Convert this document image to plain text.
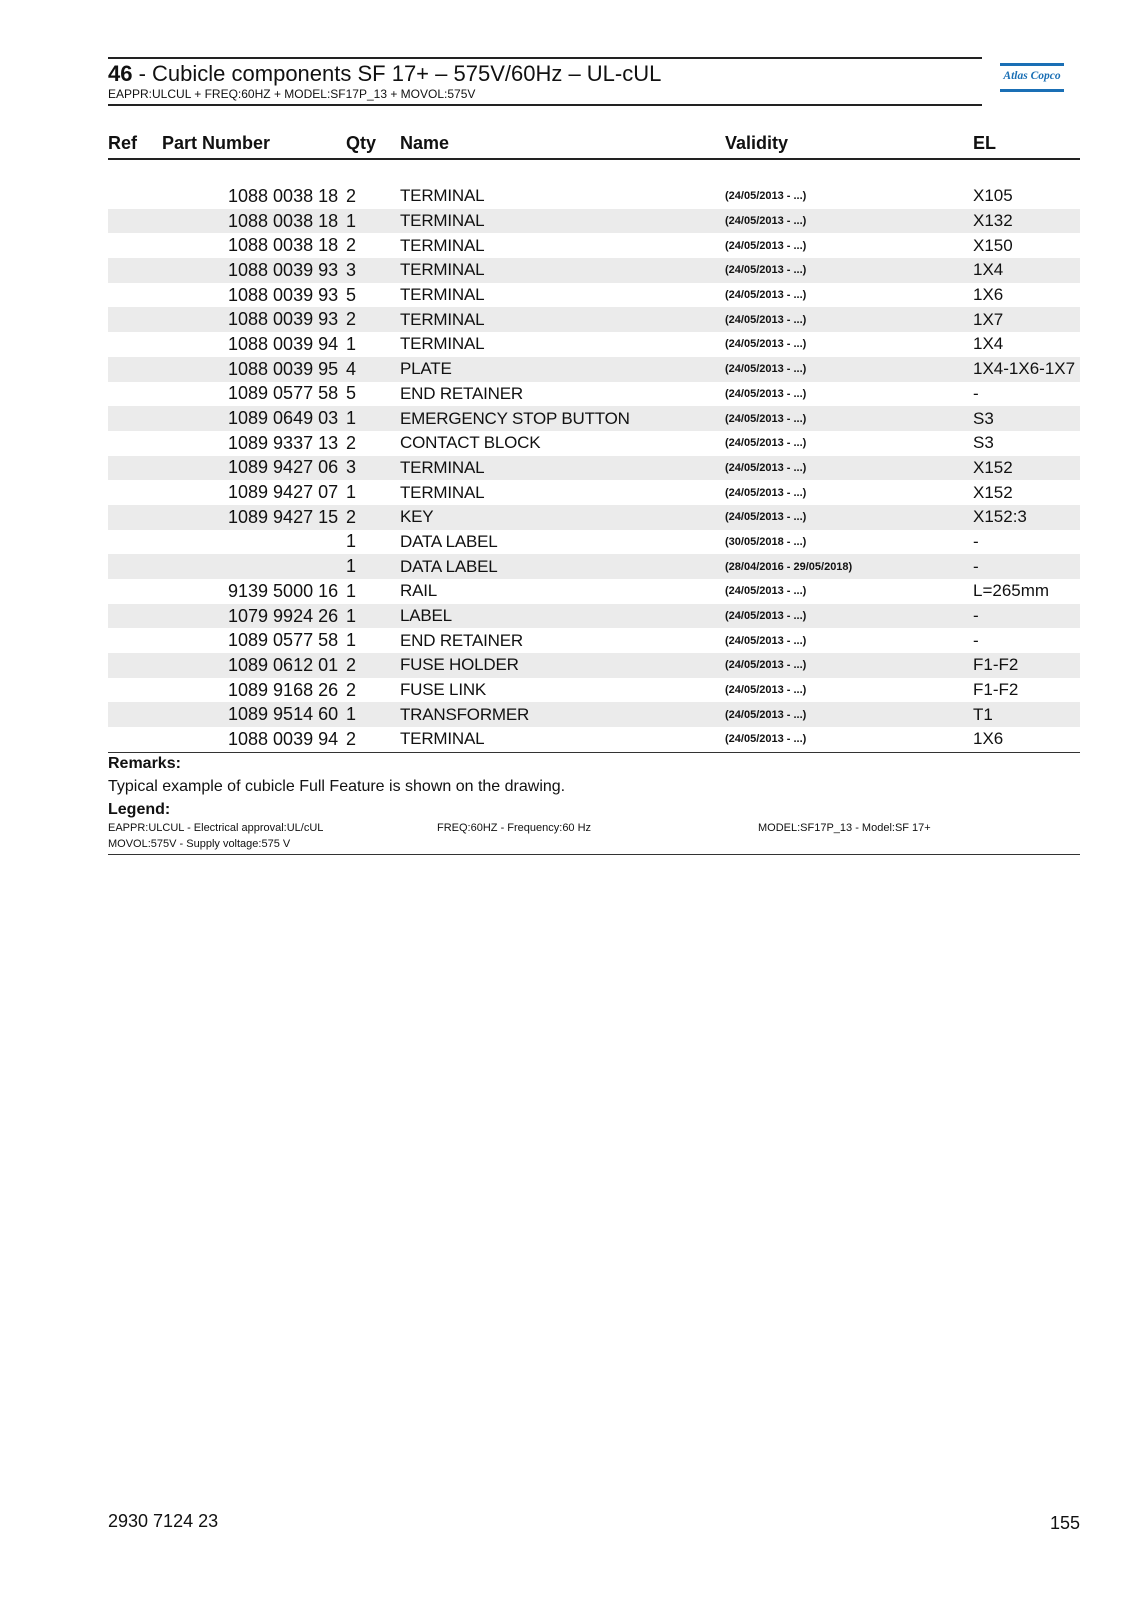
46 - Cubicle components SF 17+ – 575V/60Hz – UL-cUL
EAPPR:ULCUL + FREQ:60HZ + MODEL:SF17P_13 + MOVOL:575V
Atlas Copco
Ref	Part Number	Qty	Name	Validity	EL

	1088 0038 18	2	TERMINAL	(24/05/2013 - ...)	X105
	1088 0038 18	1	TERMINAL	(24/05/2013 - ...)	X132
	1088 0038 18	2	TERMINAL	(24/05/2013 - ...)	X150
	1088 0039 93	3	TERMINAL	(24/05/2013 - ...)	1X4
	1088 0039 93	5	TERMINAL	(24/05/2013 - ...)	1X6
	1088 0039 93	2	TERMINAL	(24/05/2013 - ...)	1X7
	1088 0039 94	1	TERMINAL	(24/05/2013 - ...)	1X4
	1088 0039 95	4	PLATE	(24/05/2013 - ...)	1X4-1X6-1X7
	1089 0577 58	5	END RETAINER	(24/05/2013 - ...)	-
	1089 0649 03	1	EMERGENCY STOP BUTTON	(24/05/2013 - ...)	S3
	1089 9337 13	2	CONTACT BLOCK	(24/05/2013 - ...)	S3
	1089 9427 06	3	TERMINAL	(24/05/2013 - ...)	X152
	1089 9427 07	1	TERMINAL	(24/05/2013 - ...)	X152
	1089 9427 15	2	KEY	(24/05/2013 - ...)	X152:3
		1	DATA LABEL	(30/05/2018 - ...)	-
		1	DATA LABEL	(28/04/2016 - 29/05/2018)	-
	9139 5000 16	1	RAIL	(24/05/2013 - ...)	L=265mm
	1079 9924 26	1	LABEL	(24/05/2013 - ...)	-
	1089 0577 58	1	END RETAINER	(24/05/2013 - ...)	-
	1089 0612 01	2	FUSE HOLDER	(24/05/2013 - ...)	F1-F2
	1089 9168 26	2	FUSE LINK	(24/05/2013 - ...)	F1-F2
	1089 9514 60	1	TRANSFORMER	(24/05/2013 - ...)	T1
	1088 0039 94	2	TERMINAL	(24/05/2013 - ...)	1X6
Remarks:
Typical example of cubicle Full Feature is shown on the drawing.
Legend:
EAPPR:ULCUL - Electrical approval:UL/cUL	FREQ:60HZ - Frequency:60 Hz	MODEL:SF17P_13 - Model:SF 17+
MOVOL:575V - Supply voltage:575 V
2930 7124 23	155
